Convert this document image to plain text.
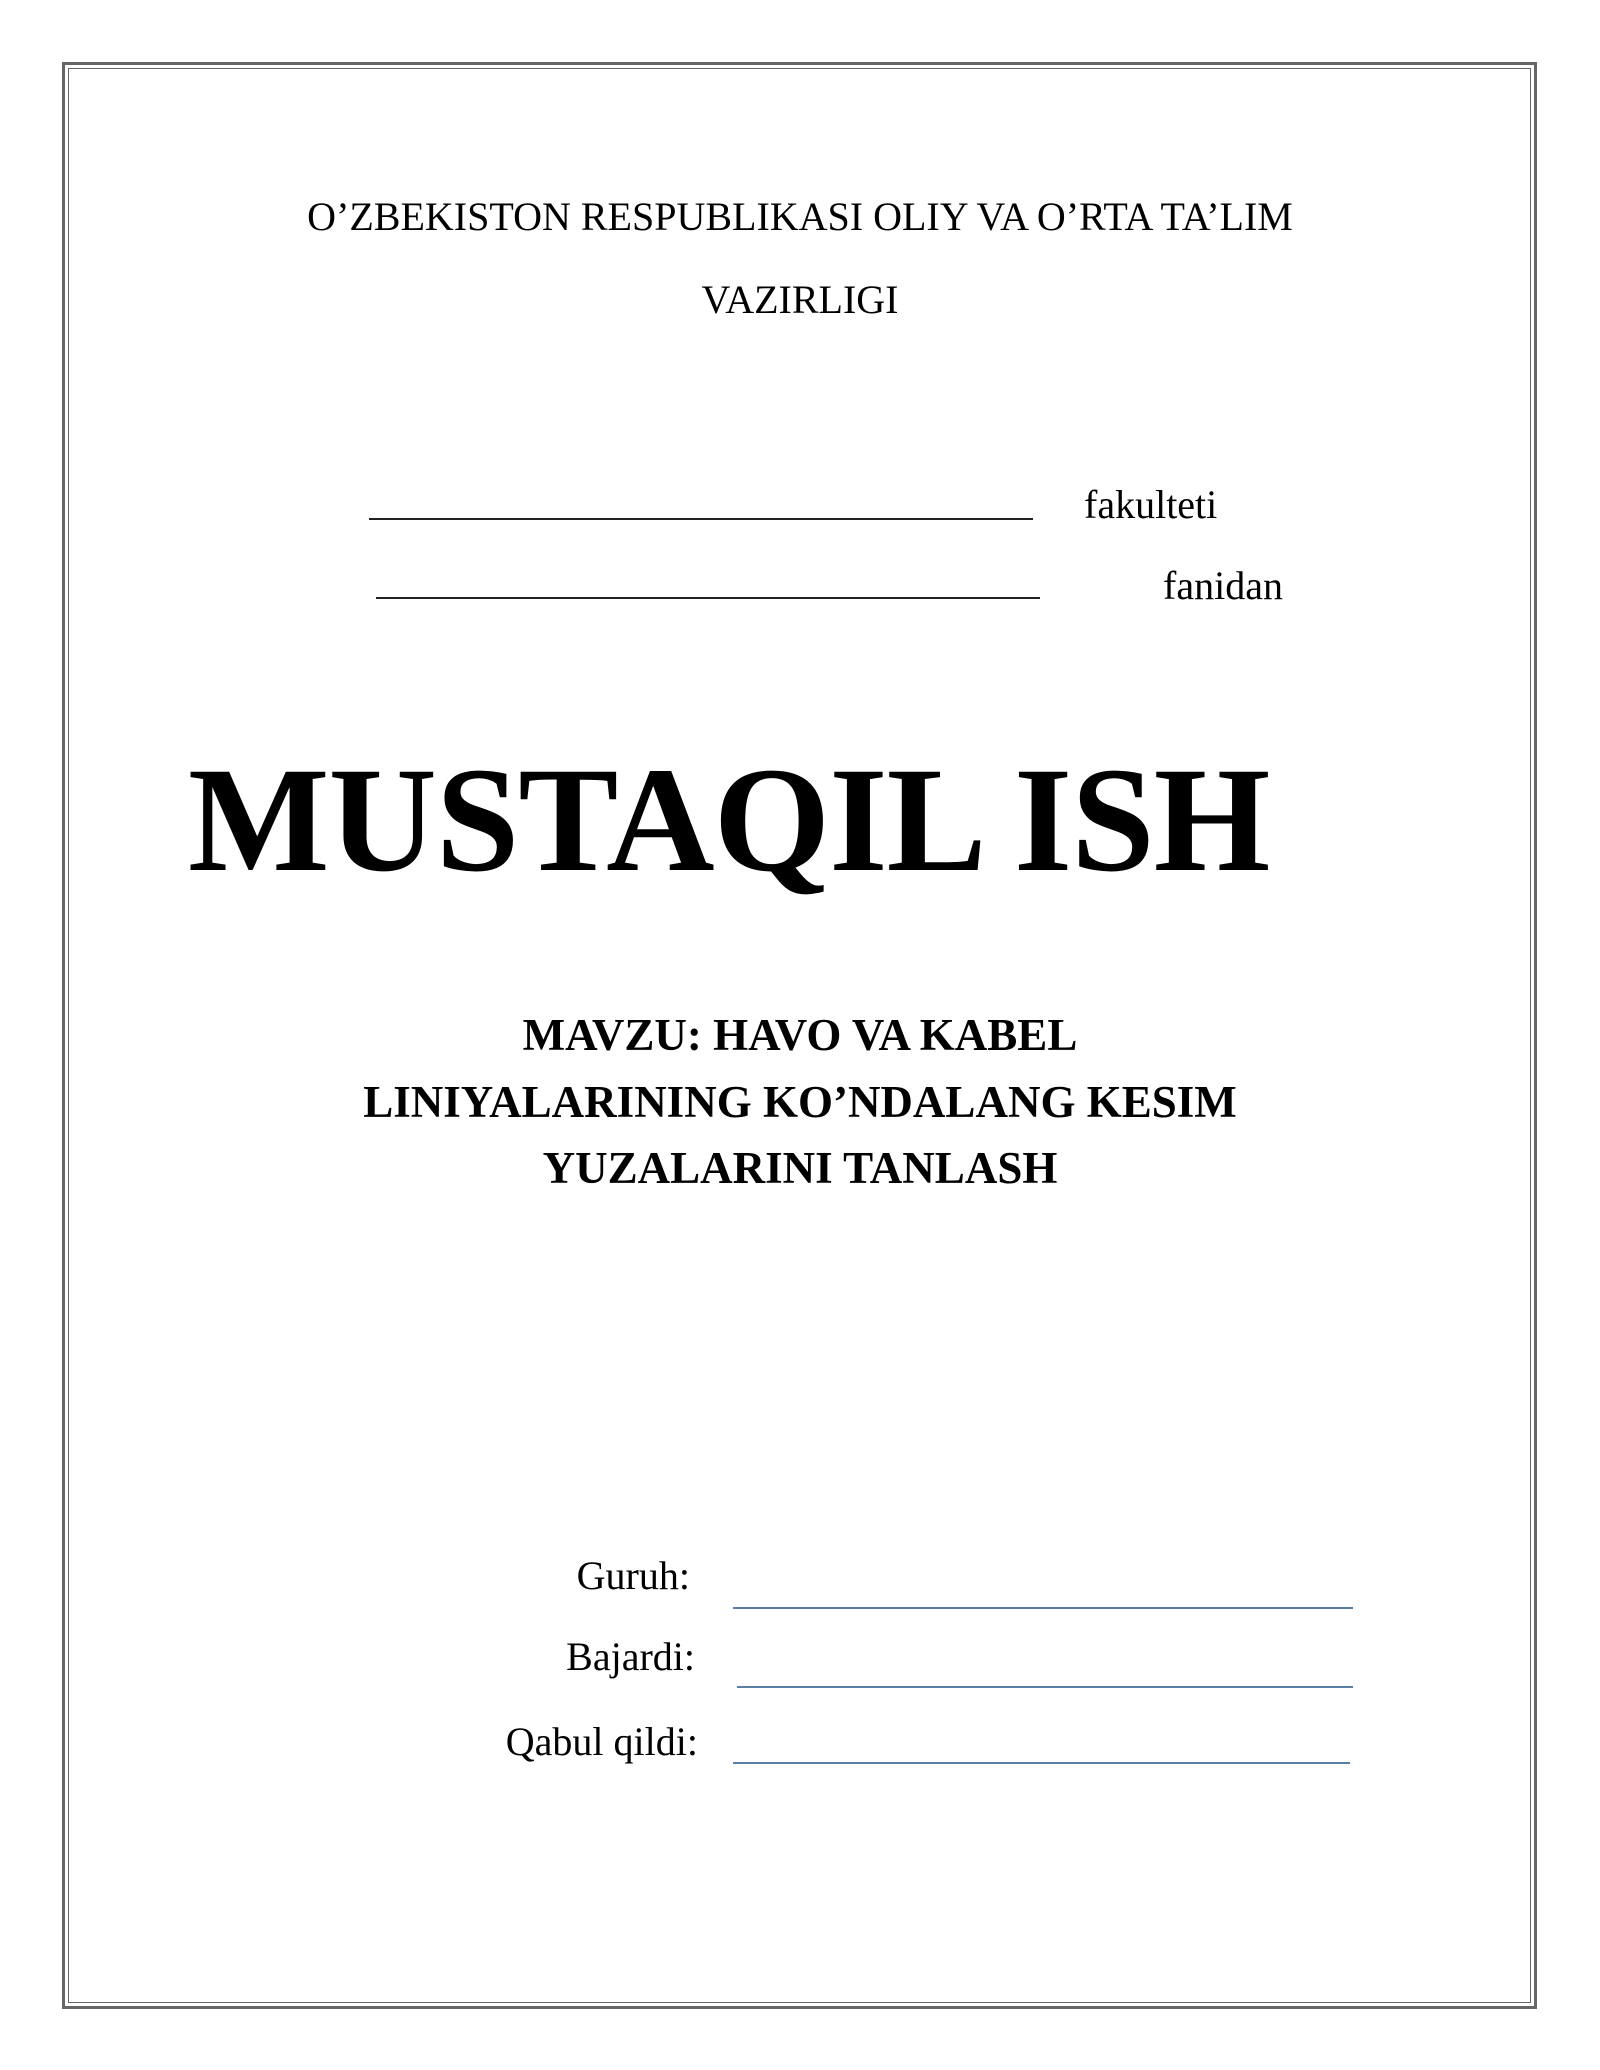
O’ZBEKISTON RESPUBLIKASI OLIY VA O’RTA TA’LIM
VAZIRLIGI
fakulteti
fanidan
MUSTAQIL ISH
MAVZU: HAVO VA KABEL
LINIYALARINING KO’NDALANG KESIM
YUZALARINI TANLASH
Guruh:
Bajardi:
Qabul qildi:
